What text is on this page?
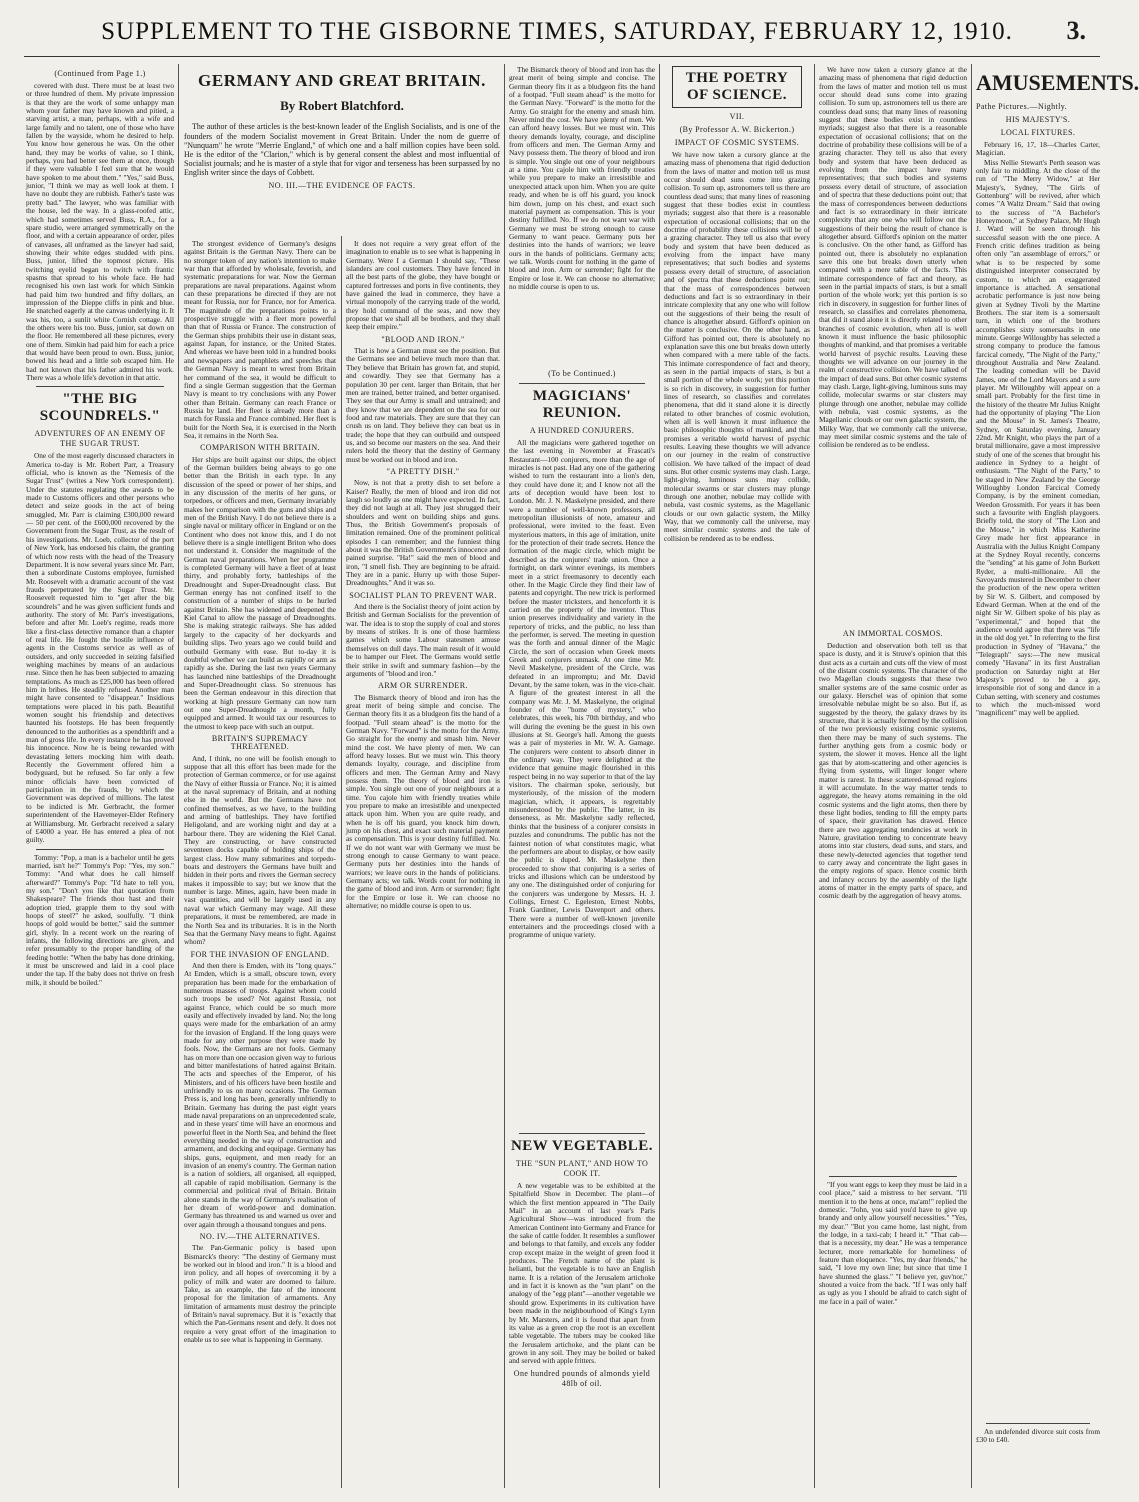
SUPPLEMENT TO THE GISBORNE TIMES, SATURDAY, FEBRUARY 12, 1910.	3.
(Continued from Page 1.)

covered with dust. There must be at least two or three hundred of them. My private impression is that they are the work of some unhappy man whom your father may have known and pitied, a starving artist, a man, perhaps, with a wife and large family and no talent, one of those who have fallen by the wayside, whom he desired to help. You know how generous he was. On the other hand, they may be works of value, so I think, perhaps, you had better see them at once, though if they were valuable I feel sure that he would have spoken to me about them." "Yes," said Buss, junior, "I think we may as well look at them. I have no doubt they are rubbish. Father's taste was pretty bad." The lawyer, who was familiar with the house, led the way. In a glass-roofed attic, which had sometimes served Buss, R.A., for a spare studio, were arranged symmetrically on the floor, and with a certain appearance of order, piles of canvases, all unframed as the lawyer had said, showing their white edges studded with pins. Buss, junior, lifted the topmost picture. His twitching eyelid began to twitch with frantic spasms that spread to his whole face. He had recognised his own last work for which Simkin had paid him two hundred and fifty dollars, an impression of the Dieppe cliffs in pink and blue. He snatched eagerly at the canvas underlying it. It was his, too, a sunlit white Cornish cottage. All the others were his too. Buss, junior, sat down on the floor. He remembered all these pictures, every one of them. Simkin had paid him for each a price that would have been proud to own. Buss, junior, bowed his head and a little sob escaped him. He had not known that his father admired his work. There was a whole life's devotion in that attic.

"THE BIG SCOUNDRELS."
ADVENTURES OF AN ENEMY OF THE SUGAR TRUST.

One of the most eagerly discussed characters in America to-day is Mr. Robert Parr, a Treasury official, who is known as the "Nemesis of the Sugar Trust" (writes a New York correspondent). Under the statutes regulating the awards to be made to Customs officers and other persons who detect and seize goods in the act of being smuggled, Mr. Parr is claiming £300,000 reward — 50 per cent. of the £600,000 recovered by the Government from the Sugar Trust, as the result of his investigations. Mr. Loeb, collector of the port of New York, has endorsed his claim, the granting of which now rests with the head of the Treasury Department. It is now several years since Mr. Parr, then a subordinate Customs employee, furnished Mr. Roosevelt with a dramatic account of the vast frauds perpetrated by the Sugar Trust. Mr. Roosevelt requested him to "get after the big scoundrels" and he was given sufficient funds and authority. The story of Mr. Parr's investigations, before and after Mr. Loeb's regime, reads more like a first-class detective romance than a chapter of real life. He fought the hostile influence of agents in the Customs service as well as of outsiders, and only succeeded in seizing falsified weighing machines by means of an audacious ruse. Since then he has been subjected to amazing temptations. As much as £25,000 has been offered him in bribes. He steadily refused. Another man might have consented to "disappear." Insidious temptations were placed in his path. Beautiful women sought his friendship and detectives haunted his footsteps. He has been frequently denounced to the authorities as a spendthrift and a man of gross life. In every instance he has proved his innocence. Now he is being rewarded with devastating letters mocking him with death. Recently the Government offered him a bodyguard, but he refused. So far only a few minor officials have been convicted of participation in the frauds, by which the Government was deprived of millions. The latest to be indicted is Mr. Gerbracht, the former superintendent of the Havemeyer-Elder Refinery at Williamsburg. Mr. Gerbracht received a salary of £4000 a year. He has entered a plea of not guilty.

Tommy: "Pop, a man is a bachelor until he gets married, isn't he?" Tommy's Pop: "Yes, my son." Tommy: "And what does he call himself afterward?" Tommy's Pop: "I'd hate to tell you, my son." "Don't you like that quotation from Shakespeare? The friends thou hast and their adoption tried, grapple them to thy soul with hoops of steel?" he asked, soulfully. "I think hoops of gold would be better," said the summer girl, shyly. In a recent work on the rearing of infants, the following directions are given, and refer presumably to the proper handling of the feeding bottle: "When the baby has done drinking, it must be unscrewed and laid in a cool place under the tap. If the baby does not thrive on fresh milk, it should be boiled."

GERMANY AND GREAT BRITAIN.
By Robert Blatchford.

The author of these articles is the best-known leader of the English Socialists, and is one of the founders of the modern Socialist movement in Great Britain. Under the nom de guerre of "Nunquam" he wrote "Merrie England," of which one and a half million copies have been sold. He is the editor of the "Clarion," which is by general consent the ablest and most influential of Socialist journals; and he is master of a style that for vigor and terseness has been surpassed by no English writer since the days of Cobbett.

NO. III.—THE EVIDENCE OF FACTS.

The strongest evidence of Germany's designs against Britain is the German Navy. There can be no stronger token of any nation's intention to make war than that afforded by wholesale, feverish, and systematic preparations for war. Now the German preparations are naval preparations. Against whom can these preparations be directed if they are not meant for Russia, nor for France, nor for America. The magnitude of the preparations points to a prospective struggle with a fleet more powerful than that of Russia or France. The construction of the German ships prohibits their use in distant seas, against Japan, for instance, or the United States. And whereas we have been told in a hundred books and newspapers and pamphlets and speeches that the German Navy is meant to wrest from Britain her command of the sea, it would be difficult to find a single German suggestion that the German Navy is meant to try conclusions with any Power other than Britain. Germany can reach France or Russia by land. Her fleet is already more than a match for Russia and France combined. Her fleet is built for the North Sea, it is exercised in the North Sea, it remains in the North Sea.

COMPARISON WITH BRITAIN.

Her ships are built against our ships, the object of the German builders being always to go one better than the British in each type. In any discussion of the speed or power of her ships, and in any discussion of the merits of her guns, or torpedoes, or officers and men, Germany invariably makes her comparison with the guns and ships and men of the British Navy. I do not believe there is a single naval or military officer in England or on the Continent who does not know this, and I do not believe there is a single intelligent Briton who does not understand it. Consider the magnitude of the German naval preparations. When her programme is completed Germany will have a fleet of at least thirty, and probably forty, battleships of the Dreadnought and Super-Dreadnought class. But German energy has not confined itself to the construction of a number of ships to be hurled against Britain. She has widened and deepened the Kiel Canal to allow the passage of Dreadnoughts. She is making strategic railways. She has added largely to the capacity of her dockyards and building slips. Two years ago we could build and outbuild Germany with ease. But to-day it is doubtful whether we can build as rapidly or arm as rapidly as she. During the last two years Germany has launched nine battleships of the Dreadnought and Super-Dreadnought class. So strenuous has been the German endeavour in this direction that working at high pressure Germany can now turn out one Super-Dreadnought a month, fully equipped and armed. It would tax our resources to the utmost to keep pace with such an output.

BRITAIN'S SUPREMACY THREATENED.

And, I think, no one will be foolish enough to suppose that all this effort has been made for the protection of German commerce, or for use against the Navy of either Russia or France. No; it is aimed at the naval supremacy of Britain, and at nothing else in the world. But the Germans have not confined themselves, as we have, to the building and arming of battleships. They have fortified Heligoland, and are working night and day at a harbour there. They are widening the Kiel Canal. They are constructing, or have constructed seventeen docks capable of holding ships of the largest class. How many submarines and torpedo-boats and destroyers the Germans have built and hidden in their ports and rivers the German secrecy makes it impossible to say; but we know that the number is large. Mines, again, have been made in vast quantities, and will be largely used in any naval war which Germany may wage. All these preparations, it must be remembered, are made in the North Sea and its tributaries. It is in the North Sea that the Germany Navy means to fight. Against whom?

FOR THE INVASION OF ENGLAND.

And then there is Emden, with its "long quays." At Emden, which is a small, obscure town, every preparation has been made for the embarkation of numerous masses of troops. Against whom could such troops be used? Not against Russia, not against France, which could be so much more easily and effectively invaded by land. No; the long quays were made for the embarkation of an army for the invasion of England. If the long quays were made for any other purpose they were made by fools. Now, the Germans are not fools. Germany has on more than one occasion given way to furious and bitter manifestations of hatred against Britain. The acts and speeches of the Emperor, of his Ministers, and of his officers have been hostile and unfriendly to us on many occasions. The German Press is, and long has been, generally unfriendly to Britain. Germany has during the past eight years made naval preparations on an unprecedented scale, and in these years' time will have an enormous and powerful fleet in the North Sea, and behind the fleet everything needed in the way of construction and armament, and docking and equipage. Germany has ships, guns, equipment, and men ready for an invasion of an enemy's country. The German nation is a nation of soldiers, all organised, all equipped, all capable of rapid mobilisation. Germany is the commercial and political rival of Britain. Britain alone stands in the way of Germany's realisation of her dream of world-power and domination. Germany has threatened us and warned us over and over again through a thousand tongues and pens.

NO. IV.—THE ALTERNATIVES.

The Pan-Germanic policy is based upon Bismarck's theory: "The destiny of Germany must be worked out in blood and iron." It is a blood and iron policy, and all hopes of overcoming it by a policy of milk and water are doomed to failure. Take, as an example, the fate of the innocent proposal for the limitation of armaments. Any limitation of armaments must destroy the principle of Britain's naval supremacy. But it is "exactly that which the Pan-Germans resent and defy. It does not require a very great effort of the imagination to enable us to see what is happening in Germany.

It does not require a very great effort of the imagination to enable us to see what is happening in Germany. Were I a German I should say, "These islanders are cool customers. They have fenced in all the best parts of the globe, they have bought or captured fortresses and ports in five continents, they have gained the lead in commerce, they have a virtual monopoly of the carrying trade of the world, they hold command of the seas, and now they propose that we shall all be brothers, and they shall keep their empire."

"BLOOD AND IRON."

That is how a German must see the position. But the Germans see and believe much more than that. They believe that Britain has grown fat, and stupid, and cowardly. They see that Germany has a population 30 per cent. larger than Britain, that her men are trained, better trained, and better organised. They see that our Army is small and untrained; and they know that we are dependent on the sea for our food and raw materials. They are sure that they can crush us on land. They believe they can beat us in trade; the hope that they can outbuild and outspeed us, and so become our masters on the sea. And their rulers hold the theory that the destiny of Germany must be worked out in blood and iron.

"A PRETTY DISH."

Now, is not that a pretty dish to set before a Kaiser? Really, the men of blood and iron did not laugh so loudly as one might have expected. In fact, they did not laugh at all. They just shrugged their shoulders and went on building ships and guns. Thus, the British Government's proposals of limitation remained. One of the prominent political episodes I can remember; and the funniest thing about it was the British Government's innocence and pained surprise. "Ha!" said the men of blood and iron, "I smell fish. They are beginning to be afraid. They are in a panic. Hurry up with those Super-Dreadnoughts." And it was so.

SOCIALIST PLAN TO PREVENT WAR.

And there is the Socialist theory of joint action by British and German Socialists for the prevention of war. The idea is to stop the supply of coal and stores by means of strikes. It is one of those harmless games which some Labour statesmen amuse themselves on dull days. The main result of it would be to hamper our Fleet. The Germans would settle their strike in swift and summary fashion—by the arguments of "blood and iron."

ARM OR SURRENDER.

The Bismarck theory of blood and iron has the great merit of being simple and concise. The German theory fits it as a bludgeon fits the hand of a footpad. "Full steam ahead" is the motto for the German Navy. "Forward" is the motto for the Army. Go straight for the enemy and smash him. Never mind the cost. We have plenty of men. We can afford heavy losses. But we must win. This theory demands loyalty, courage, and discipline from officers and men. The German Army and Navy possess them. The theory of blood and iron is simple. You single out one of your neighbours at a time. You cajole him with friendly treaties while you prepare to make an irresistible and unexpected attack upon him. When you are quite ready, and when he is off his guard, you knock him down, jump on his chest, and exact such material payment as compensation. This is your destiny fulfilled. No. If we do not want war with Germany we must be strong enough to cause Germany to want peace. Germany puts her destinies into the hands of warriors; we leave ours in the hands of politicians. Germany acts; we talk. Words count for nothing in the game of blood and iron. Arm or surrender; fight for the Empire or lose it. We can choose no alternative; no middle course is open to us.

The Bismarck theory of blood and iron has the great merit of being simple and concise. The German theory fits it as a bludgeon fits the hand of a footpad. "Full steam ahead" is the motto for the German Navy. "Forward" is the motto for the Army. Go straight for the enemy and smash him. Never mind the cost. We have plenty of men. We can afford heavy losses. But we must win. This theory demands loyalty, courage, and discipline from officers and men. The German Army and Navy possess them. The theory of blood and iron is simple. You single out one of your neighbours at a time. You cajole him with friendly treaties while you prepare to make an irresistible and unexpected attack upon him. When you are quite ready, and when he is off his guard, you knock him down, jump on his chest, and exact such material payment as compensation. This is your destiny fulfilled. No. If we do not want war with Germany we must be strong enough to cause Germany to want peace. Germany puts her destinies into the hands of warriors; we leave ours in the hands of politicians. Germany acts; we talk. Words count for nothing in the game of blood and iron. Arm or surrender; fight for the Empire or lose it. We can choose no alternative; no middle course is open to us.

(To be Continued.)
MAGICIANS' REUNION.
A HUNDRED CONJURERS.

All the magicians were gathered together on the last evening in November at Frascati's Restaurant—100 conjurers, more than the age of miracles is not past. Had any one of the gathering wished to turn the restaurant into a lion's den, they could have done it; and I know not all the arts of deception would have been lost to London. Mr. J. N. Maskelyne presided, and there were a number of well-known professors, all metropolitan illusionists of note, amateur and professional, were invited to the feast. Even mysterious matters, in this age of imitation, unite for the protection of their trade secrets. Hence the formation of the magic circle, which might be described as the conjurers' trade union. Once a fortnight, on dark winter evenings, its members meet in a strict freemasonry to decently each other. In the Magic Circle they find their law of patents and copyright. The new trick is performed before the master tricksters, and henceforth it is carried on the property of the inventor. Thus union preserves individuality and variety in the repertory of tricks, and the public, no less than the performer, is served. The meeting in question was the forth and annual dinner of the Magic Circle, the sort of occasion when Greek meets Greek and conjurers unmask. At one time Mr. Nevil Maskelyne, president of the Circle, was defeated in an impromptu; and Mr. David Devant, by the same token, was in the vice-chair. A figure of the greatest interest in all the company was Mr. J. M. Maskelyne, the original founder of the "home of mystery," who celebrates, this week, his 70th birthday, and who will during the evening be the guest in his own illusions at St. George's hall. Among the guests was a pair of mysteries in Mr. W. A. Gamage. The conjurers were content to absorb dinner in the ordinary way. They were delighted at the evidence that genuine magic flourished in this respect being in no way superior to that of the lay visitors. The chairman spoke, seriously, but mysteriously, of the mission of the modern magician, which, it appears, is regrettably misunderstood by the public. The latter, in its denseness, as Mr. Maskelyne sadly reflected, thinks that the business of a conjurer consists in puzzles and conundrums. The public has not the faintest notion of what constitutes magic, what the performers are about to display, or how easily the public is duped. Mr. Maskelyne then proceeded to show that conjuring is a series of tricks and illusions which can be understood by any one. The distinguished order of conjuring for the conjurers was undergone by Messrs. H. J. Collings, Ernest C. Egeleston, Ernest Nobbs, Frank Gardiner, Lewis Davenport and others. There were a number of well-known juvenile entertainers and the proceedings closed with a programme of unique variety.

NEW VEGETABLE.
THE "SUN PLANT," AND HOW TO COOK IT.

A new vegetable was to be exhibited at the Spitalfield Show in December. The plant—of which the first mention appeared in "The Daily Mail" in an account of last year's Paris Agricultural Show—was introduced from the American Continent into Germany and France for the sake of cattle fodder. It resembles a sunflower and belongs to that family, and excels any fodder crop except maize in the weight of green food it produces. The French name of the plant is helianti, but the vegetable is to have an English name. It is a relation of the Jerusalem artichoke and in fact it is known as the "sun plant" on the analogy of the "egg plant"—another vegetable we should grow. Experiments in its cultivation have been made in the neighbourhood of King's Lynn by Mr. Marsters, and it is found that apart from its value as a green crop the root is an excellent table vegetable. The tubers may be cooked like the Jerusalem artichoke, and the plant can be grown in any soil. They may be boiled or baked and served with apple fritters.

One hundred pounds of almonds yield 48lb of oil.
THE POETRY OF SCIENCE.
VII.
(By Professor A. W. Bickerton.)
IMPACT OF COSMIC SYSTEMS.

We have now taken a cursory glance at the amazing mass of phenomena that rigid deduction from the laws of matter and motion tell us must occur should dead suns come into grazing collision. To sum up, astronomers tell us there are countless dead suns; that many lines of reasoning suggest that these bodies exist in countless myriads; suggest also that there is a reasonable expectation of occasional collisions; that on the doctrine of probability these collisions will be of a grazing character. They tell us also that every body and system that have been deduced as evolving from the impact have many representatives; that such bodies and systems possess every detail of structure, of association and of spectra that these deductions point out; that the mass of correspondences between deductions and fact is so extraordinary in their intricate complexity that any one who will follow out the suggestions of their being the result of chance is altogether absurd. Gifford's opinion on the matter is conclusive. On the other hand, as Gifford has pointed out, there is absolutely no explanation save this one but breaks down utterly when compared with a mere table of the facts. This intimate correspondence of fact and theory, as seen in the partial impacts of stars, is but a small portion of the whole work; yet this portion is so rich in discovery, in suggestion for further lines of research, so classifies and correlates phenomena, that did it stand alone it is directly related to other branches of cosmic evolution, when all is well known it must influence the basic philosophic thoughts of mankind, and that promises a veritable world harvest of psychic results. Leaving these thoughts we will advance on our journey in the realm of constructive collision. We have talked of the impact of dead suns. But other cosmic systems may clash. Large, light-giving, luminous suns may collide, molecular swarms or star clusters may plunge through one another, nebulae may collide with nebula, vast cosmic systems, as the Magellanic clouds or our own galactic system, the Milky Way, that we commonly call the universe, may meet similar cosmic systems and the tale of collision be rendered as to be endless.

We have now taken a cursory glance at the amazing mass of phenomena that rigid deduction from the laws of matter and motion tell us must occur should dead suns come into grazing collision. To sum up, astronomers tell us there are countless dead suns; that many lines of reasoning suggest that these bodies exist in countless myriads; suggest also that there is a reasonable expectation of occasional collisions; that on the doctrine of probability these collisions will be of a grazing character. They tell us also that every body and system that have been deduced as evolving from the impact have many representatives; that such bodies and systems possess every detail of structure, of association and of spectra that these deductions point out; that the mass of correspondences between deductions and fact is so extraordinary in their intricate complexity that any one who will follow out the suggestions of their being the result of chance is altogether absurd. Gifford's opinion on the matter is conclusive. On the other hand, as Gifford has pointed out, there is absolutely no explanation save this one but breaks down utterly when compared with a mere table of the facts. This intimate correspondence of fact and theory, as seen in the partial impacts of stars, is but a small portion of the whole work; yet this portion is so rich in discovery, in suggestion for further lines of research, so classifies and correlates phenomena, that did it stand alone it is directly related to other branches of cosmic evolution, when all is well known it must influence the basic philosophic thoughts of mankind, and that promises a veritable world harvest of psychic results. Leaving these thoughts we will advance on our journey in the realm of constructive collision. We have talked of the impact of dead suns. But other cosmic systems may clash. Large, light-giving, luminous suns may collide, molecular swarms or star clusters may plunge through one another, nebulae may collide with nebula, vast cosmic systems, as the Magellanic clouds or our own galactic system, the Milky Way, that we commonly call the universe, may meet similar cosmic systems and the tale of collision be rendered as to be endless.

AN IMMORTAL COSMOS.

Deduction and observation both tell us that space is dusty, and it is Struve's opinion that this dust acts as a curtain and cuts off the view of most of the distant cosmic systems. The character of the two Magellan clouds suggests that these two smaller systems are of the same cosmic order as our galaxy. Herschel was of opinion that some irresolvable nebulae might be so also. But if, as suggested by the theory, the galaxy draws by its structure, that it is actually formed by the collision of the two previously existing cosmic systems, then there may be many of such systems. The further anything gets from a cosmic body or system, the slower it moves. Hence all the light gas that by atom-scattering and other agencies is flying from systems, will linger longer where matter is rarest. In these scattered-spread regions it will accumulate. In the way matter tends to aggregate, the heavy atoms remaining in the old cosmic systems and the light atoms, then there by these light bodies, tending to fill the empty parts of space, their gravitation has drawed. Hence there are two aggregating tendencies at work in Nature, gravitation tending to concentrate heavy atoms into star clusters, dead suns, and stars, and these newly-detected agencies that together tend to carry away and concentrate the light gases in the empty regions of space. Hence cosmic birth and infancy occurs by the assembly of the light atoms of matter in the empty parts of space, and cosmic death by the aggregation of heavy atoms.

"If you want eggs to keep they must be laid in a cool place," said a mistress to her servant. "I'll mention it to the hens at once, ma'am!" replied the domestic. "John, you said you'd have to give up brandy and only allow yourself necessities." "Yes, my dear." "But you came home, last night, from the lodge, in a taxi-cab; I heard it." "That cab—that is a necessity, my dear." He was a temperance lecturer, more remarkable for homeliness of feature than eloquence. "Yes, my dear friends," he said, "I love my own line; but since that time I have shunned the glass." "I believe yer, guv'nor," shouted a voice from the back. "If I was only half as ugly as you I should be afraid to catch sight of me face in a pail of water."

AMUSEMENTS.
Pathe Pictures.—Nightly.
HIS MAJESTY'S.
LOCAL FIXTURES.

February 16, 17, 18—Charles Carter, Magician.

Miss Nellie Stewart's Perth season was only fair to middling. At the close of the run of "The Merry Widow," at Her Majesty's, Sydney, "The Girls of Gottenburg" will be revived, after which comes "A Waltz Dream." Said that owing to the success of "A Bachelor's Honeymoon," at Sydney Palace, Mr Hugh J. Ward will be seen through his successful season with the one piece. A French critic defines tradition as being often only "an assemblage of errors," or what is to be respected by some distinguished interpreter consecrated by custom, to which an exaggerated importance is attached. A sensational acrobatic performance is just now being given at Sydney Tivoli by the Martine Brothers. The star item is a somersault turn, in which one of the brothers accomplishes sixty somersaults in one minute. George Willoughby has selected a strong company to produce the famous farcical comedy, "The Night of the Party," throughout Australia and New Zealand. The leading comedian will be David James, one of the Lord Mayors and a sure player. Mr Willoughby will appear on a small part. Probably for the first time in the history of the theatre Mr Julius Knight had the opportunity of playing "The Lion and the Mouse" in St. James's Theatre, Sydney, on Saturday evening, January 22nd. Mr Knight, who plays the part of a brutal millionaire, gave a most impressive study of one of the scenes that brought his audience in Sydney to a height of enthusiasm. "The Night of the Party," to be staged in New Zealand by the George Willoughby London Farcical Comedy Company, is by the eminent comedian, Weedon Grossmith. For years it has been such a favourite with English playgoers. Briefly told, the story of "The Lion and the Mouse," in which Miss Katherine Grey made her first appearance in Australia with the Julius Knight Company at the Sydney Royal recently, concerns the "sending" at his game of John Burkett Ryder, a multi-millionaire. All the Savoyards mustered in December to cheer the production of the new opera written by Sir W. S. Gilbert, and composed by Edward German. When at the end of the night Sir W. Gilbert spoke of his play as "experimental," and hoped that the audience would agree that there was "life in the old dog yet." In referring to the first production in Sydney of "Havana," the "Telegraph" says:—The new musical comedy "Havana" in its first Australian production on Saturday night at Her Majesty's proved to be a gay, irresponsible riot of song and dance in a Cuban setting, with scenery and costumes to which the much-missed word "magnificent" may well be applied.

An undefended divorce suit costs from £30 to £40.
